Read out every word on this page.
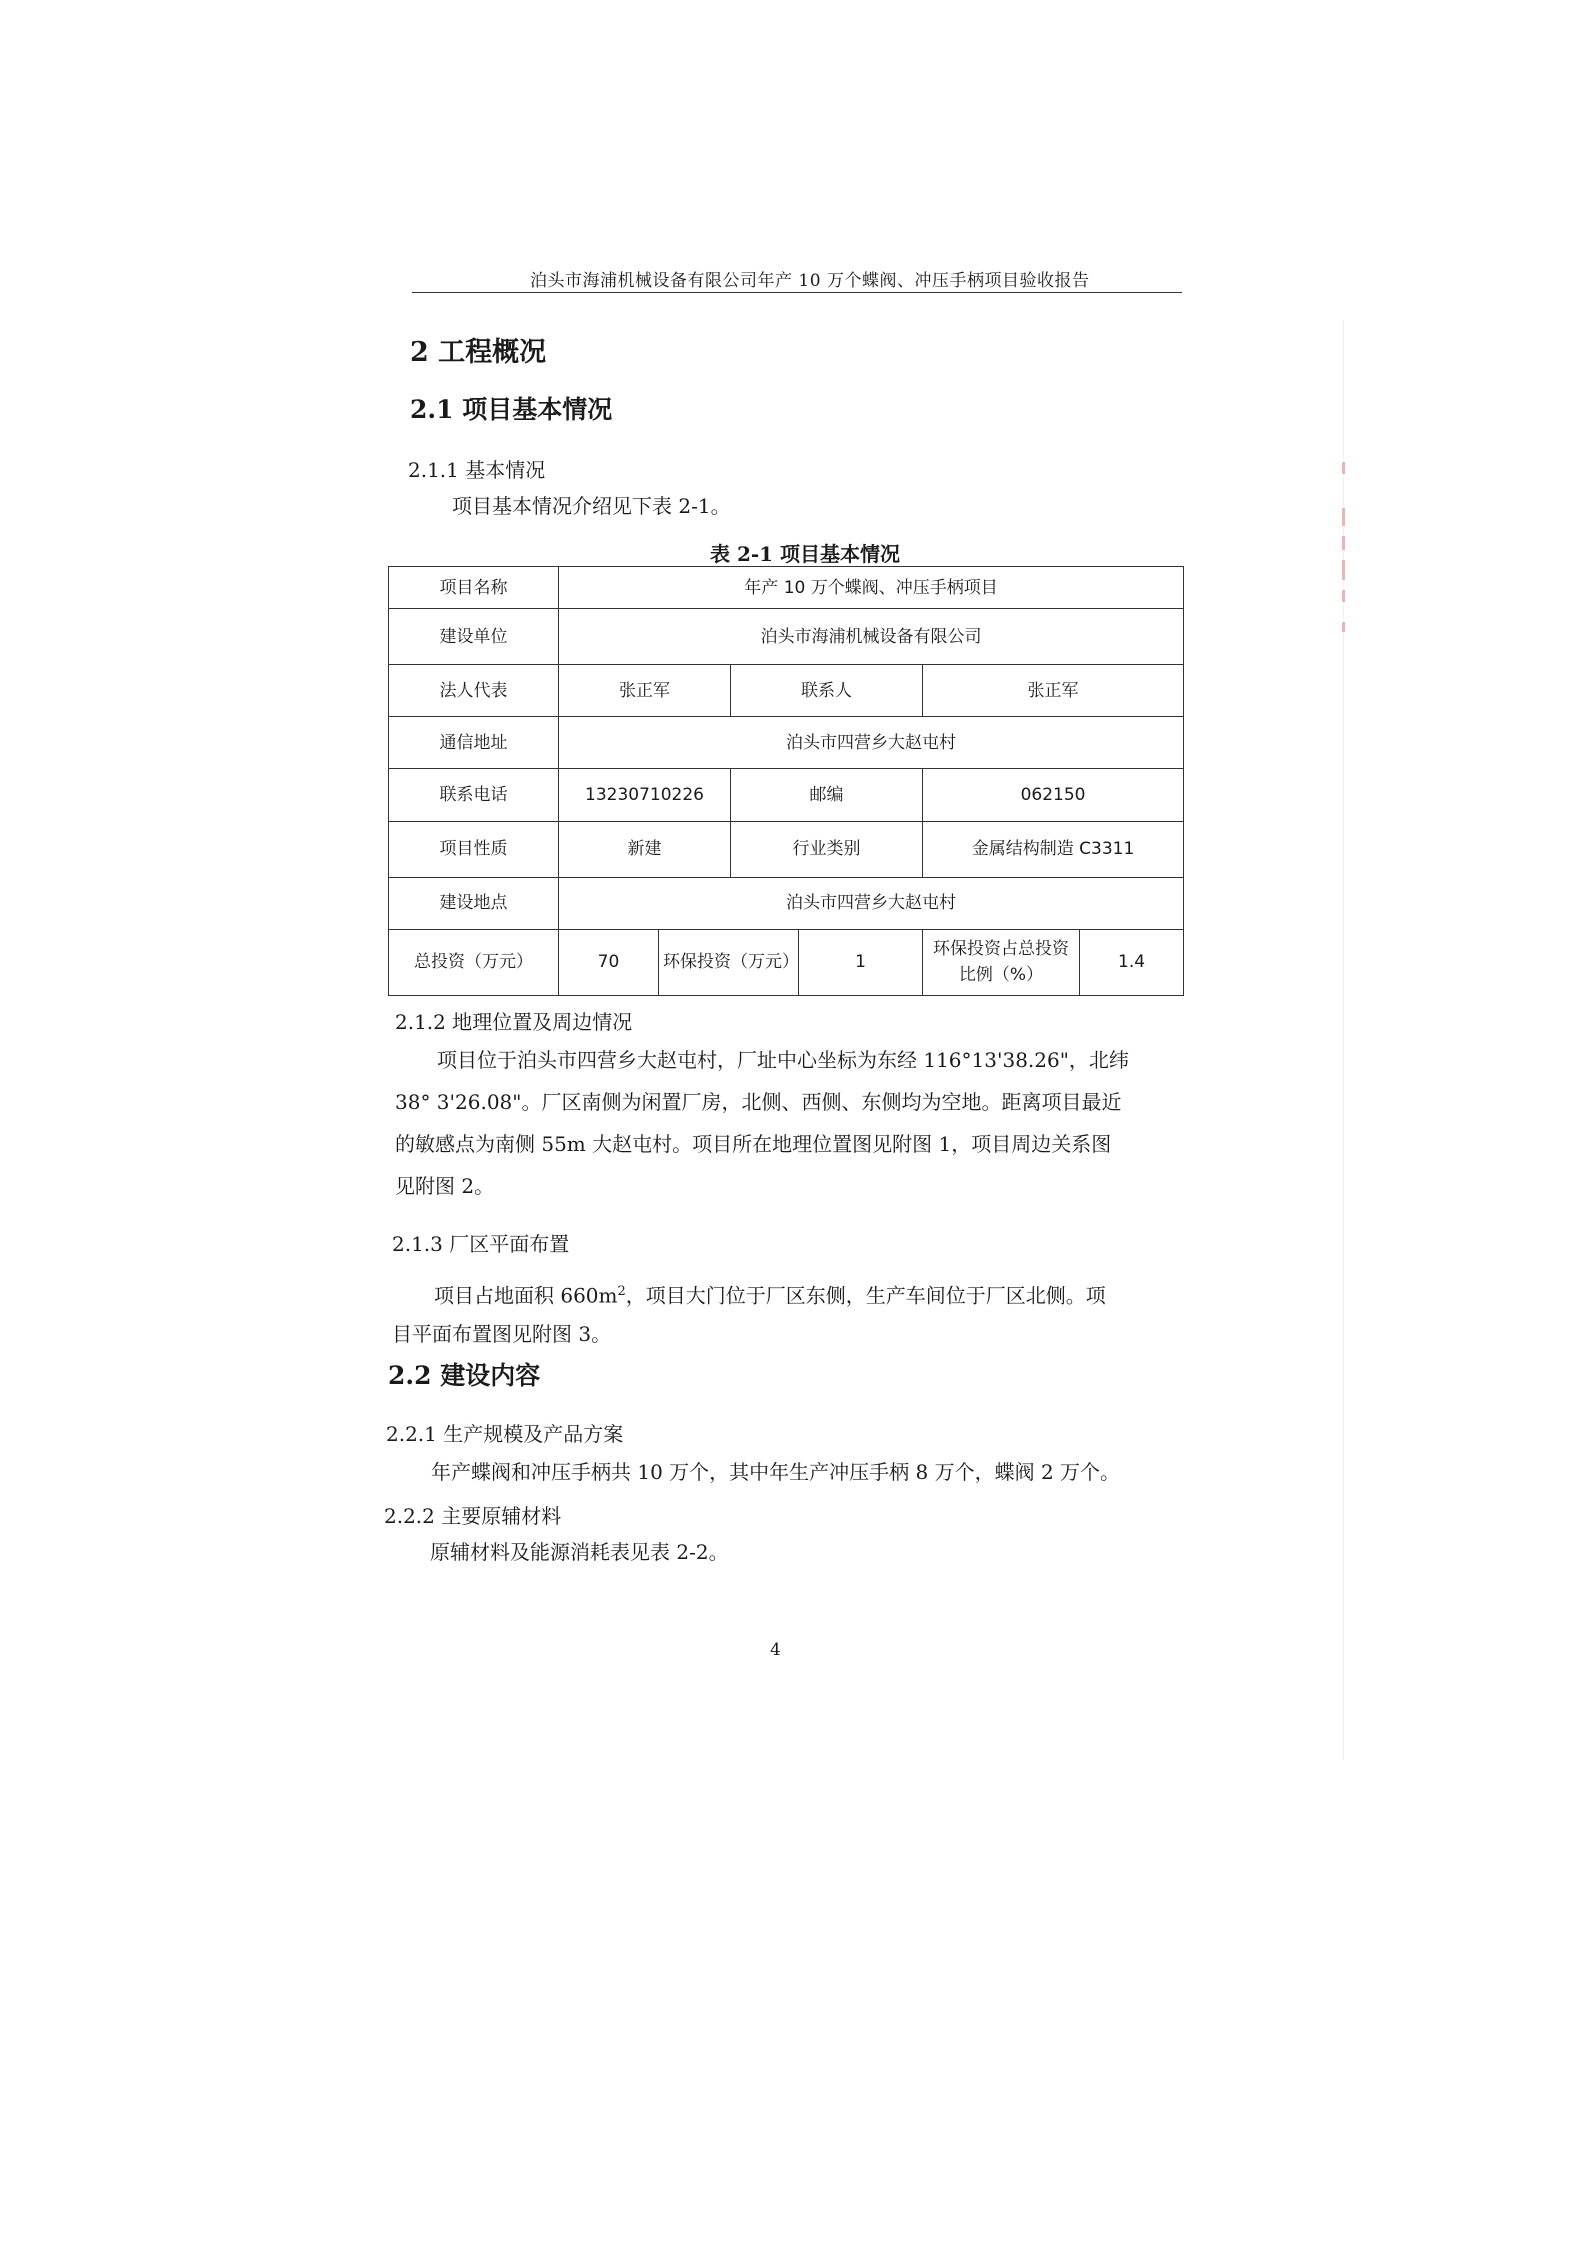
泊头市海浦机械设备有限公司年产 10 万个蝶阀、冲压手柄项目验收报告
2 工程概况
2.1 项目基本情况
2.1.1 基本情况
项目基本情况介绍见下表 2-1。
表 2-1 项目基本情况
项目名称	年产 10 万个蝶阀、冲压手柄项目					
建设单位	泊头市海浦机械设备有限公司					
法人代表	张正军		联系人		张正军	
通信地址	泊头市四营乡大赵屯村					
联系电话	13230710226		邮编		062150	
项目性质	新建		行业类别		金属结构制造 C3311	
建设地点	泊头市四营乡大赵屯村					
总投资（万元）	70	环保投资（万元）		1	环保投资占总投资比例（%）	1.4
2.1.2 地理位置及周边情况
项目位于泊头市四营乡大赵屯村，厂址中心坐标为东经 116°13'38.26"，北纬
38° 3'26.08"。厂区南侧为闲置厂房，北侧、西侧、东侧均为空地。距离项目最近
的敏感点为南侧 55m 大赵屯村。项目所在地理位置图见附图 1，项目周边关系图
见附图 2。
2.1.3 厂区平面布置
项目占地面积 $660m^2$，项目大门位于厂区东侧，生产车间位于厂区北侧。项
目平面布置图见附图 3。
2.2 建设内容
2.2.1 生产规模及产品方案
年产蝶阀和冲压手柄共 10 万个，其中年生产冲压手柄 8 万个，蝶阀 2 万个。
2.2.2 主要原辅材料
原辅材料及能源消耗表见表 2-2。
4
